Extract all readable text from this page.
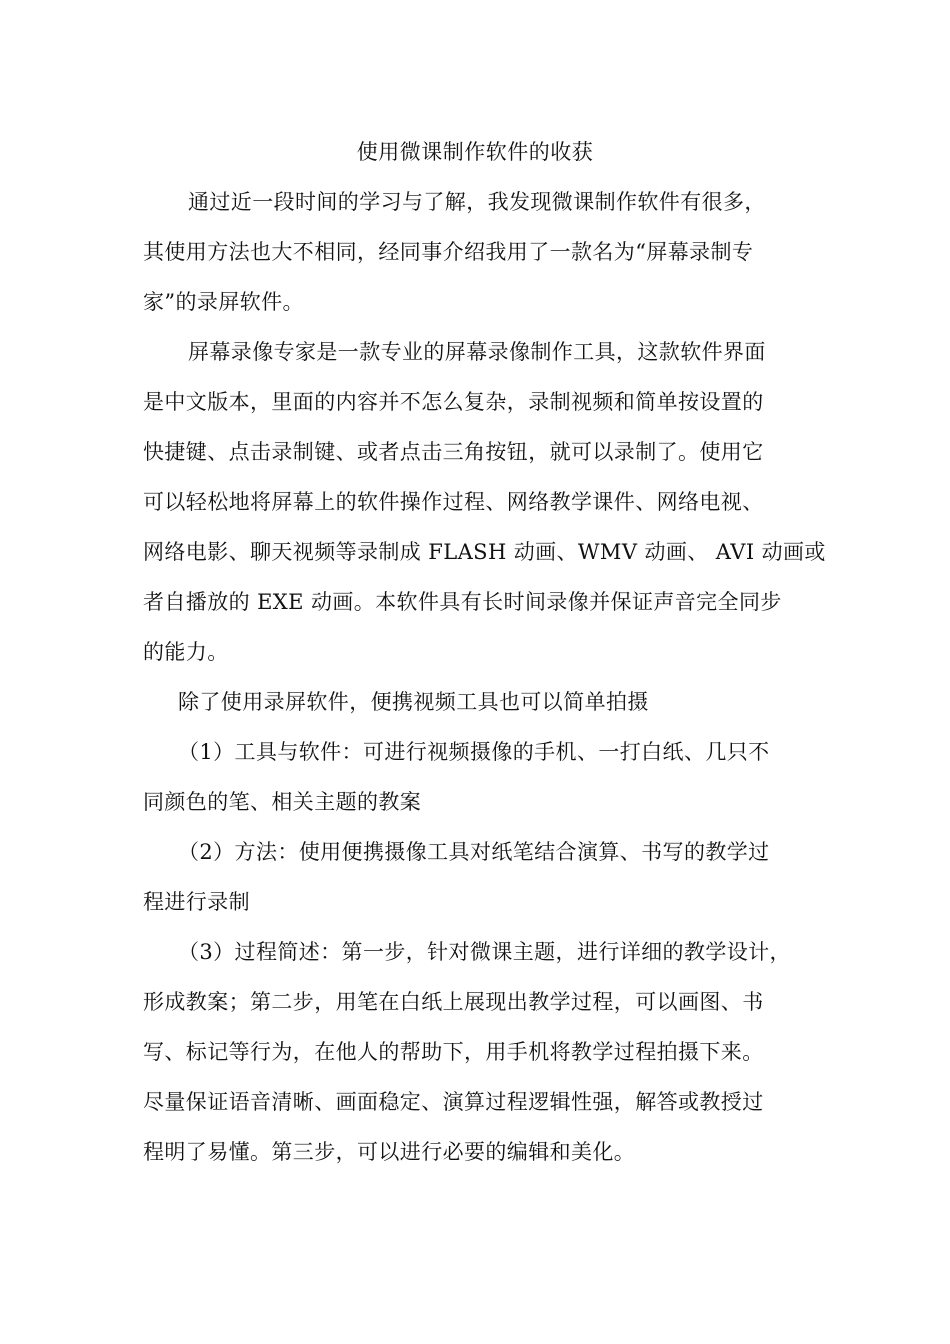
使用微课制作软件的收获
通过近一段时间的学习与了解，我发现微课制作软件有很多，
其使用方法也大不相同，经同事介绍我用了一款名为“屏幕录制专
家”的录屏软件。
屏幕录像专家是一款专业的屏幕录像制作工具，这款软件界面
是中文版本，里面的内容并不怎么复杂，录制视频和简单按设置的
快捷键、点击录制键、或者点击三角按钮，就可以录制了。使用它
可以轻松地将屏幕上的软件操作过程、网络教学课件、网络电视、
网络电影、聊天视频等录制成 FLASH 动画、WMV 动画、 AVI 动画或
者自播放的 EXE 动画。本软件具有长时间录像并保证声音完全同步
的能力。
除了使用录屏软件，便携视频工具也可以简单拍摄
（1）工具与软件：可进行视频摄像的手机、一打白纸、几只不
同颜色的笔、相关主题的教案
（2）方法：使用便携摄像工具对纸笔结合演算、书写的教学过
程进行录制
（3）过程简述：第一步，针对微课主题，进行详细的教学设计，
形成教案；第二步，用笔在白纸上展现出教学过程，可以画图、书
写、标记等行为，在他人的帮助下，用手机将教学过程拍摄下来。
尽量保证语音清晰、画面稳定、演算过程逻辑性强，解答或教授过
程明了易懂。第三步，可以进行必要的编辑和美化。
